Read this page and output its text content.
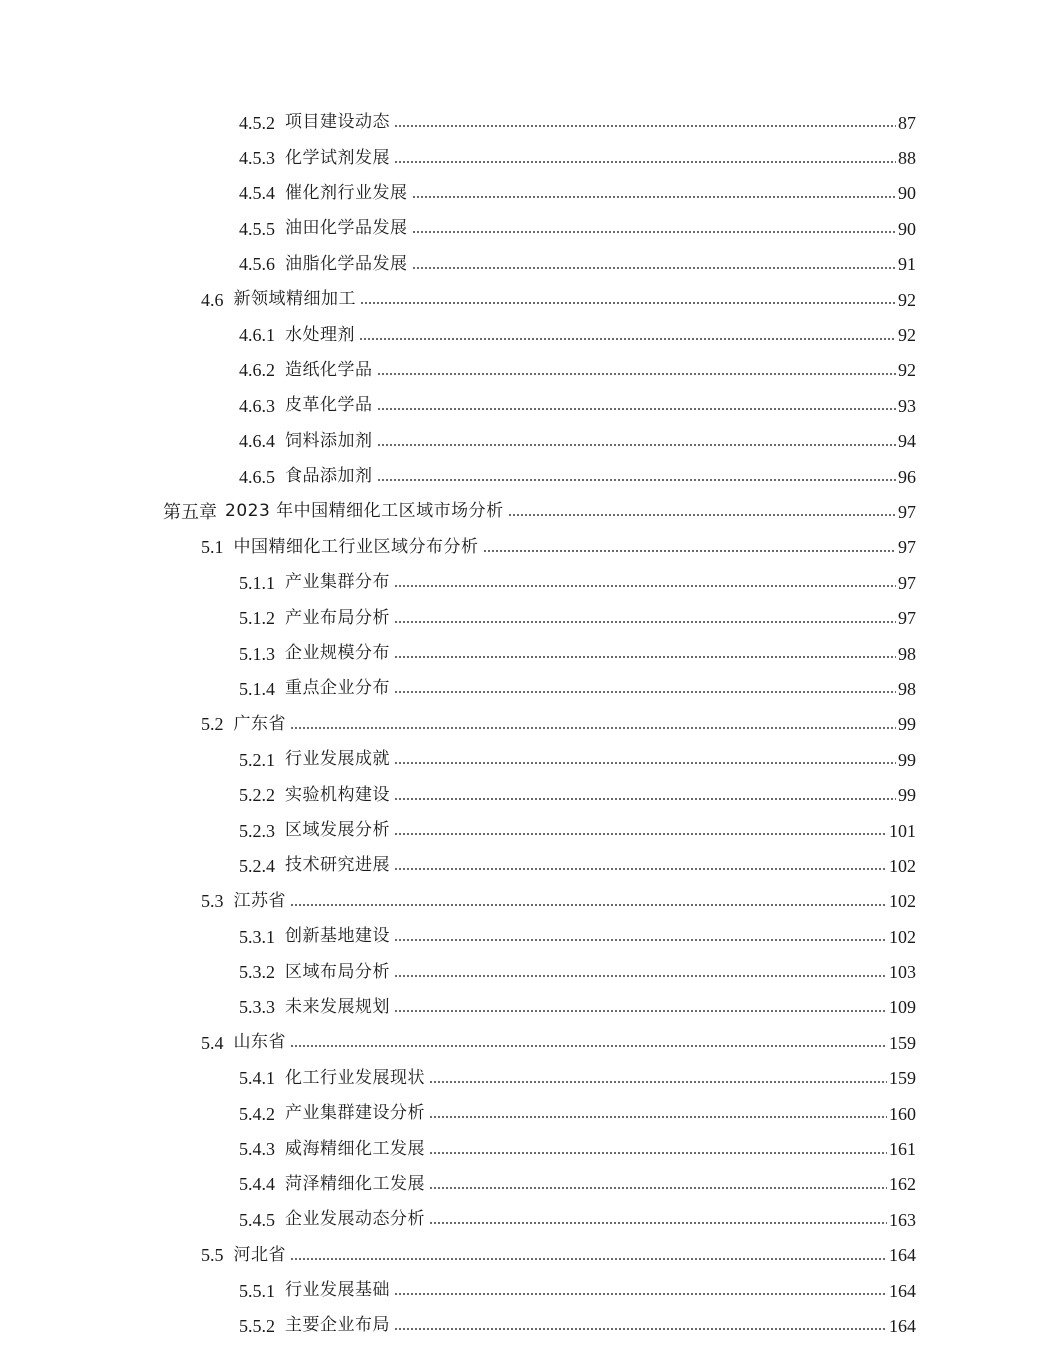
4.5.2 项目建设动态	87
4.5.3 化学试剂发展	88
4.5.4 催化剂行业发展	90
4.5.5 油田化学品发展	90
4.5.6 油脂化学品发展	91
4.6 新领域精细加工	92
4.6.1 水处理剂	92
4.6.2 造纸化学品	92
4.6.3 皮革化学品	93
4.6.4 饲料添加剂	94
4.6.5 食品添加剂	96
第五章 2023 年中国精细化工区域市场分析	97
5.1 中国精细化工行业区域分布分析	97
5.1.1 产业集群分布	97
5.1.2 产业布局分析	97
5.1.3 企业规模分布	98
5.1.4 重点企业分布	98
5.2 广东省	99
5.2.1 行业发展成就	99
5.2.2 实验机构建设	99
5.2.3 区域发展分析	101
5.2.4 技术研究进展	102
5.3 江苏省	102
5.3.1 创新基地建设	102
5.3.2 区域布局分析	103
5.3.3 未来发展规划	109
5.4 山东省	159
5.4.1 化工行业发展现状	159
5.4.2 产业集群建设分析	160
5.4.3 威海精细化工发展	161
5.4.4 菏泽精细化工发展	162
5.4.5 企业发展动态分析	163
5.5 河北省	164
5.5.1 行业发展基础	164
5.5.2 主要企业布局	164
